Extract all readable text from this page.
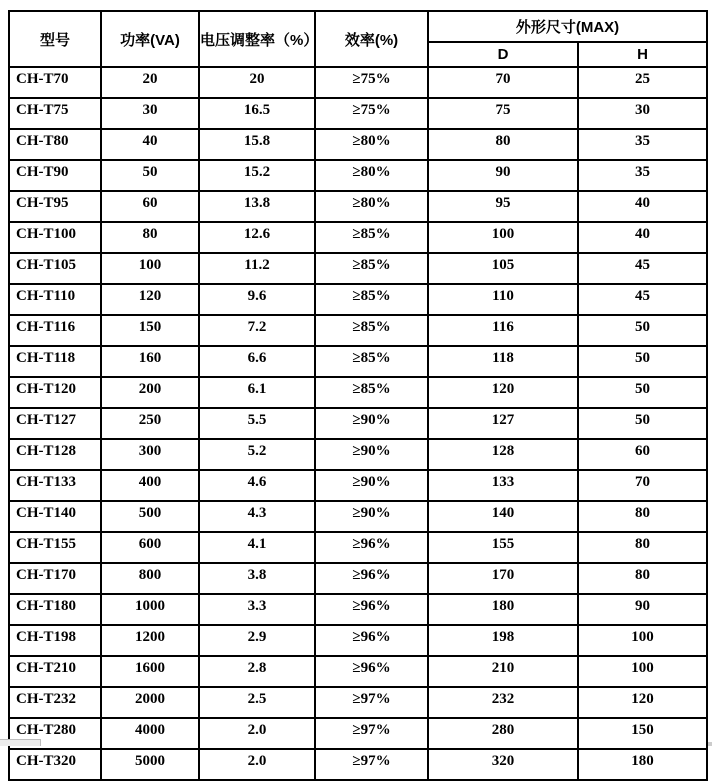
型号	功率(VA)	电压调整率（%）	效率(%)	外形尺寸(MAX)	
				D	H
CH-T70	20	20	≥75%	70	25
CH-T75	30	16.5	≥75%	75	30
CH-T80	40	15.8	≥80%	80	35
CH-T90	50	15.2	≥80%	90	35
CH-T95	60	13.8	≥80%	95	40
CH-T100	80	12.6	≥85%	100	40
CH-T105	100	11.2	≥85%	105	45
CH-T110	120	9.6	≥85%	110	45
CH-T116	150	7.2	≥85%	116	50
CH-T118	160	6.6	≥85%	118	50
CH-T120	200	6.1	≥85%	120	50
CH-T127	250	5.5	≥90%	127	50
CH-T128	300	5.2	≥90%	128	60
CH-T133	400	4.6	≥90%	133	70
CH-T140	500	4.3	≥90%	140	80
CH-T155	600	4.1	≥96%	155	80
CH-T170	800	3.8	≥96%	170	80
CH-T180	1000	3.3	≥96%	180	90
CH-T198	1200	2.9	≥96%	198	100
CH-T210	1600	2.8	≥96%	210	100
CH-T232	2000	2.5	≥97%	232	120
CH-T280	4000	2.0	≥97%	280	150
CH-T320	5000	2.0	≥97%	320	180
